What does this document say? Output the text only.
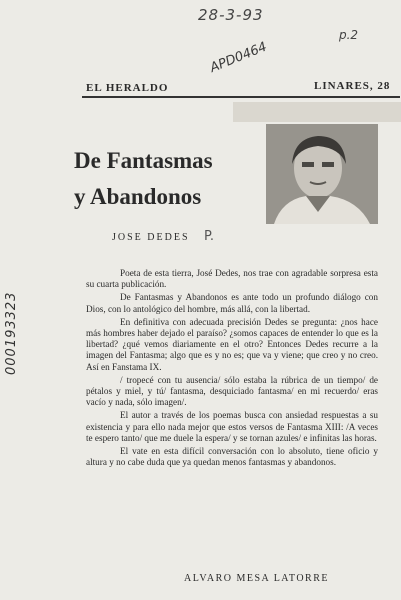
28-3-93
p.2
APD0464
000193323
EL HERALDO	LINARES, 28
De Fantasmas
y Abandonos
JOSE DEDES P.

Poeta de esta tierra, José Dedes, nos trae con agradable sorpresa esta su cuarta publicación.

De Fantasmas y Abandonos es ante todo un profundo diálogo con Dios, con lo antológico del hombre, más allá, con la libertad.

En definitiva con adecuada precisión Dedes se pregunta: ¿nos hace más hombres haber dejado el paraíso? ¿somos capaces de entender lo que es la libertad? ¿qué vemos diariamente en el otro? Entonces Dedes recurre a la imagen del Fantasma; algo que es y no es; que va y viene; que creo y no creo. Así en Fanstama IX.

/ tropecé con tu ausencia/ sólo estaba la rúbrica de un tiempo/ de pétalos y miel, y tú/ fantasma, desquiciado fantasma/ en mi recuerdo/ eras vacío y nada, sólo imagen/.

El autor a través de los poemas busca con ansiedad respuestas a su existencia y para ello nada mejor que estos versos de Fantasma XIII: /A veces te espero tanto/ que me duele la espera/ y se tornan azules/ e infinitas las horas.

El vate en esta difícil conversación con lo absoluto, tiene oficio y altura y no cabe duda que ya quedan menos fantasmas y abandonos.

ALVARO MESA LATORRE
